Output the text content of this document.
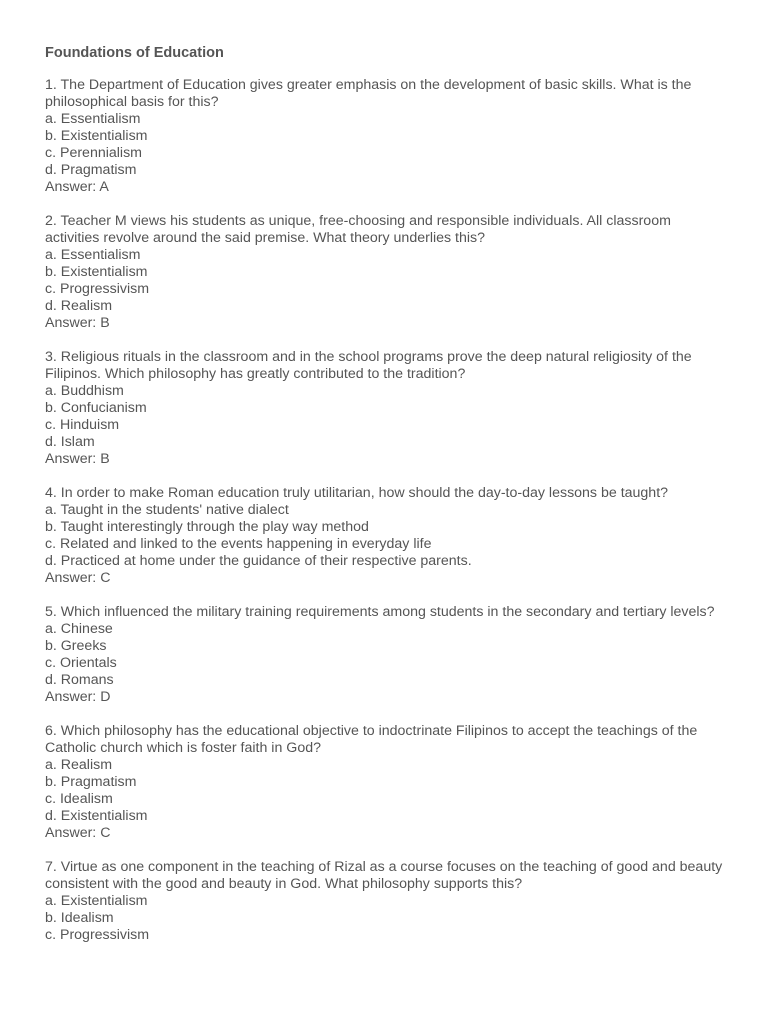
Foundations of Education
1. The Department of Education gives greater emphasis on the development of basic skills. What is the philosophical basis for this?
a. Essentialism
b. Existentialism
c. Perennialism
d. Pragmatism
Answer: A
2. Teacher M views his students as unique, free-choosing and responsible individuals. All classroom activities revolve around the said premise. What theory underlies this?
a. Essentialism
b. Existentialism
c. Progressivism
d. Realism
Answer: B
3. Religious rituals in the classroom and in the school programs prove the deep natural religiosity of the Filipinos. Which philosophy has greatly contributed to the tradition?
a. Buddhism
b. Confucianism
c. Hinduism
d. Islam
Answer: B
4. In order to make Roman education truly utilitarian, how should the day-to-day lessons be taught?
a. Taught in the students' native dialect
b. Taught interestingly through the play way method
c. Related and linked to the events happening in everyday life
d. Practiced at home under the guidance of their respective parents.
Answer: C
5. Which influenced the military training requirements among students in the secondary and tertiary levels?
a. Chinese
b. Greeks
c. Orientals
d. Romans
Answer: D
6. Which philosophy has the educational objective to indoctrinate Filipinos to accept the teachings of the Catholic church which is foster faith in God?
a. Realism
b. Pragmatism
c. Idealism
d. Existentialism
Answer: C
7. Virtue as one component in the teaching of Rizal as a course focuses on the teaching of good and beauty consistent with the good and beauty in God. What philosophy supports this?
a. Existentialism
b. Idealism
c. Progressivism
